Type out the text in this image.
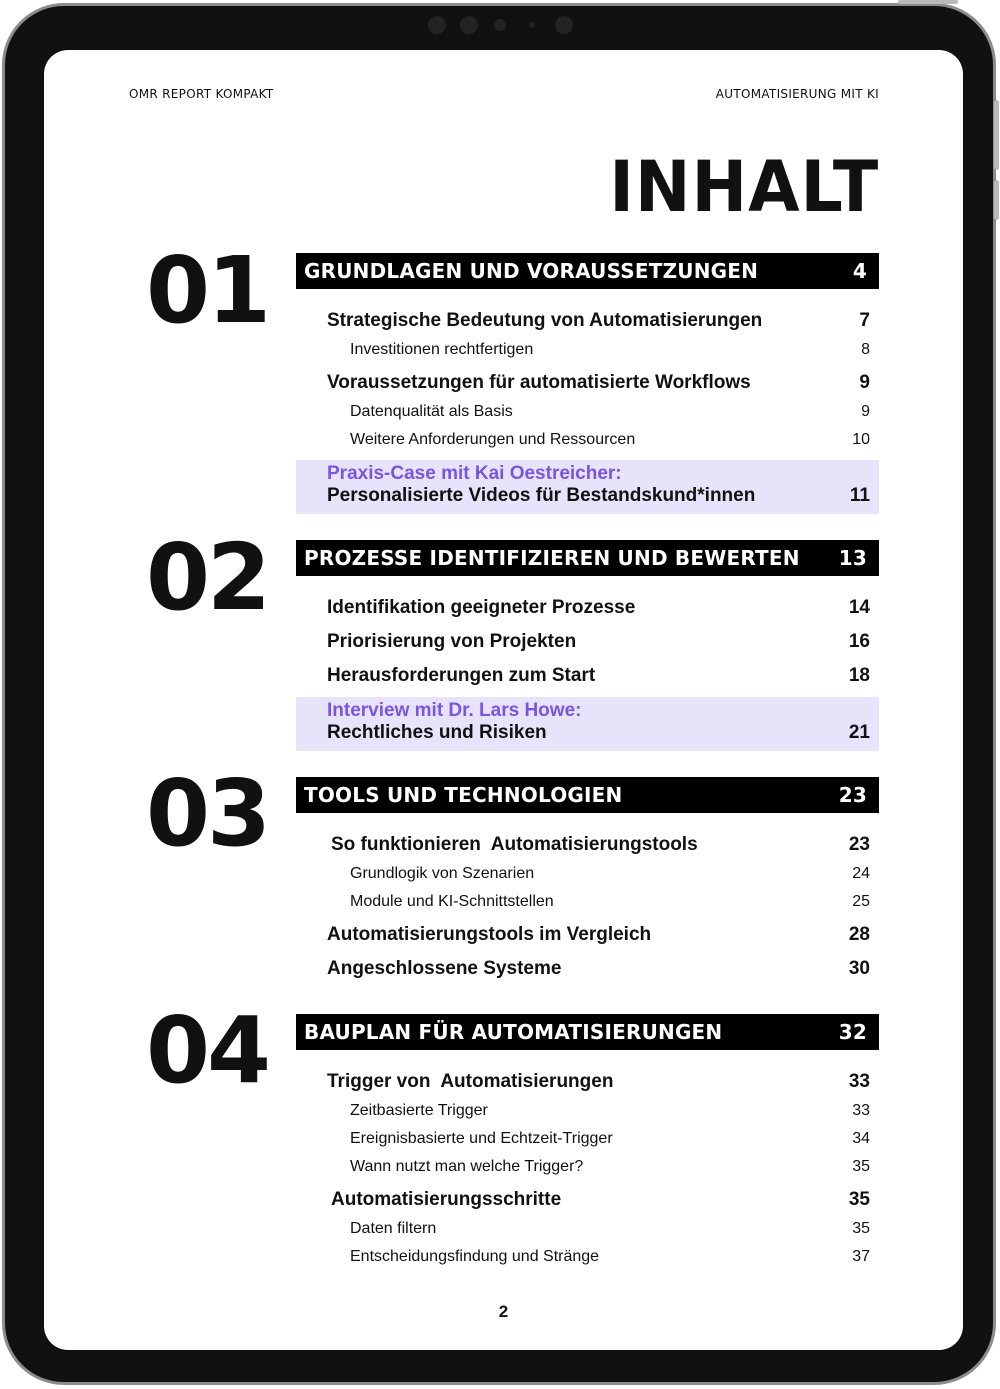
OMR REPORT KOMPAKT	AUTOMATISIERUNG MIT KI
INHALT
01 GRUNDLAGEN UND VORAUSSETZUNGEN	4
Strategische Bedeutung von Automatisierungen	7
Investitionen rechtfertigen	8
Voraussetzungen für automatisierte Workflows	9
Datenqualität als Basis	9
Weitere Anforderungen und Ressourcen	10
Praxis-Case mit Kai Oestreicher:
Personalisierte Videos für Bestandskund*innen	11
02 PROZESSE IDENTIFIZIEREN UND BEWERTEN 13
Identifikation geeigneter Prozesse	14
Priorisierung von Projekten	16
Herausforderungen zum Start	18
Interview mit Dr. Lars Howe:
Rechtliches und Risiken	21
03 TOOLS UND TECHNOLOGIEN	23
So funktionieren  Automatisierungstools	23
Grundlogik von Szenarien	24
Module und KI-Schnittstellen	25
Automatisierungstools im Vergleich	28
Angeschlossene Systeme	30
04 BAUPLAN FÜR AUTOMATISIERUNGEN	32
Trigger von  Automatisierungen	33
Zeitbasierte Trigger	33
Ereignisbasierte und Echtzeit-Trigger	34
Wann nutzt man welche Trigger?	35
Automatisierungsschritte	35
Daten filtern	35
Entscheidungsfindung und Stränge	37
2
